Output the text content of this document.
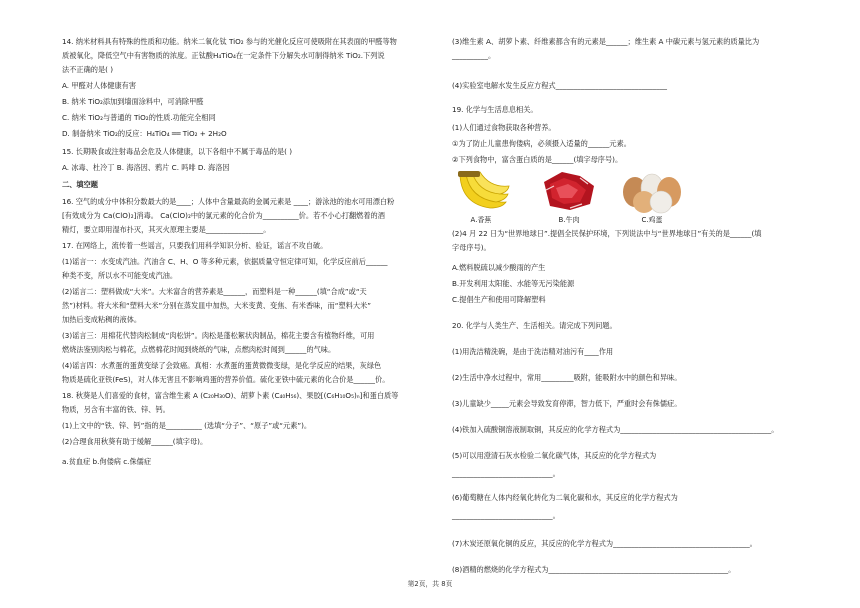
14. 纳米材料具有特殊的性质和功能。纳米二氧化钛 TiO₂ 参与的光催化反应可使吸附在其表面的甲醛等物
质被氧化，降低空气中有害物质的浓度。正钛酸H₄TiO₄在一定条件下分解失水可制得纳米 TiO₂.下列说
法不正确的是( )
A. 甲醛对人体健康有害
B. 纳米 TiO₂添加到墙面涂料中，可消除甲醛
C. 纳米 TiO₂与普通的 TiO₂的性质.功能完全相同
D. 制备纳米 TiO₂的反应：H₄TiO₄ ══ TiO₂ + 2H₂O
15. 长期吸食或注射毒品会危及人体健康，以下各组中不属于毒品的是( )
A. 冰毒、杜冷丁 B. 海洛因、鸦片 C. 吗啡 D. 海洛因
二、填空题
16. 空气的成分中体积分数最大的是____；人体中含量最高的金属元素是 ____；游泳池的池水可用漂白粉
[有效成分为 Ca(ClO)₂]消毒。 Ca(ClO)₂中的氯元素的化合价为__________价。若不小心打翻燃着的酒
精灯，要立即用湿布扑灭，其灭火原理主要是________________。
17. 在网络上，流传着一些谣言，只要我们用科学知识分析、验证，谣言不攻自破。
(1)谣言一：水变成汽油。汽油含 C、H、O 等多种元素，依据质量守恒定律可知，化学反应前后______
种类不变，所以水不可能变成汽油。
(2)谣言二：塑料做成“大米”。大米富含的营养素是______，而塑料是一种______(填“合成”或“天
然”)材料。将大米和“塑料大米”分别在蒸发皿中加热，大米变黄、变焦、有米香味，而“塑料大米”
加热后变成粘稠的液体。
(3)谣言三：用棉花代替肉松制成“肉松饼”。肉松是蓬松絮状肉制品，棉花主要含有植物纤维，可用
燃烧法鉴别肉松与棉花，点燃棉花时闻到烧纸的气味，点燃肉松时闻到______的气味。
(4)谣言四：水煮蛋的蛋黄变绿了会致癌。真相：水煮蛋的蛋黄微微变绿，是化学反应的结果，灰绿色
物质是硫化亚铁(FeS)，对人体无害且不影响鸡蛋的营养价值。硫化亚铁中硫元素的化合价是______价。
18. 秋葵是人们喜爱的食材，富含维生素 A (C₂₀H₃₀O)、胡萝卜素 (C₄₀H₅₆)、果胶[(C₆H₁₀O₅)ₙ]和蛋白质等
物质，另含有丰富的铁、锌、钙。
(1)上文中的“铁、锌、钙”指的是__________ (选填“分子”、“原子”或“元素”)。
(2)合理食用秋葵有助于缓解______(填字母)。
a.贫血症 b.佝偻病 c.侏儒症
A.香蕉	B.牛肉	C.鸡蛋
(3)维生素 A、胡萝卜素、纤维素都含有的元素是______；维生素 A 中碳元素与氢元素的质量比为
__________。
(4)实验室电解水发生反应方程式_______________________________
19. 化学与生活息息相关。
(1)人们通过食物获取各种营养。
①为了防止儿童患佝偻病，必须摄入适量的______元素。
②下列食物中，富含蛋白质的是______(填字母序号)。
(2)4 月 22 日为“世界地球日”.提倡全民保护环境，下列说法中与“世界地球日”有关的是______(填
字母序号)。
A.燃料脱硫以减少酸雨的产生
B.开发利用太阳能、水能等无污染能源
C.提倡生产和使用可降解塑料
20. 化学与人类生产、生活相关。请完成下列问题。
(1)用洗洁精洗碗，是由于洗洁精对油污有____作用
(2)生活中净水过程中，常用_________吸附，能吸附水中的颜色和异味。
(3)儿童缺少_____元素会导致发育停滞，智力低下，严重时会有侏儒症。
(4)铁加入硫酸铜溶液制取铜，其反应的化学方程式为__________________________________________。
(5)可以用澄清石灰水检验二氧化碳气体，其反应的化学方程式为
____________________________。
(6)葡萄糖在人体内经氧化转化为二氧化碳和水，其反应的化学方程式为
____________________________。
(7)木炭还原氧化铜的反应，其反应的化学方程式为______________________________________。
(8)酒精的燃烧的化学方程式为__________________________________________________。
第2页，共 8页
